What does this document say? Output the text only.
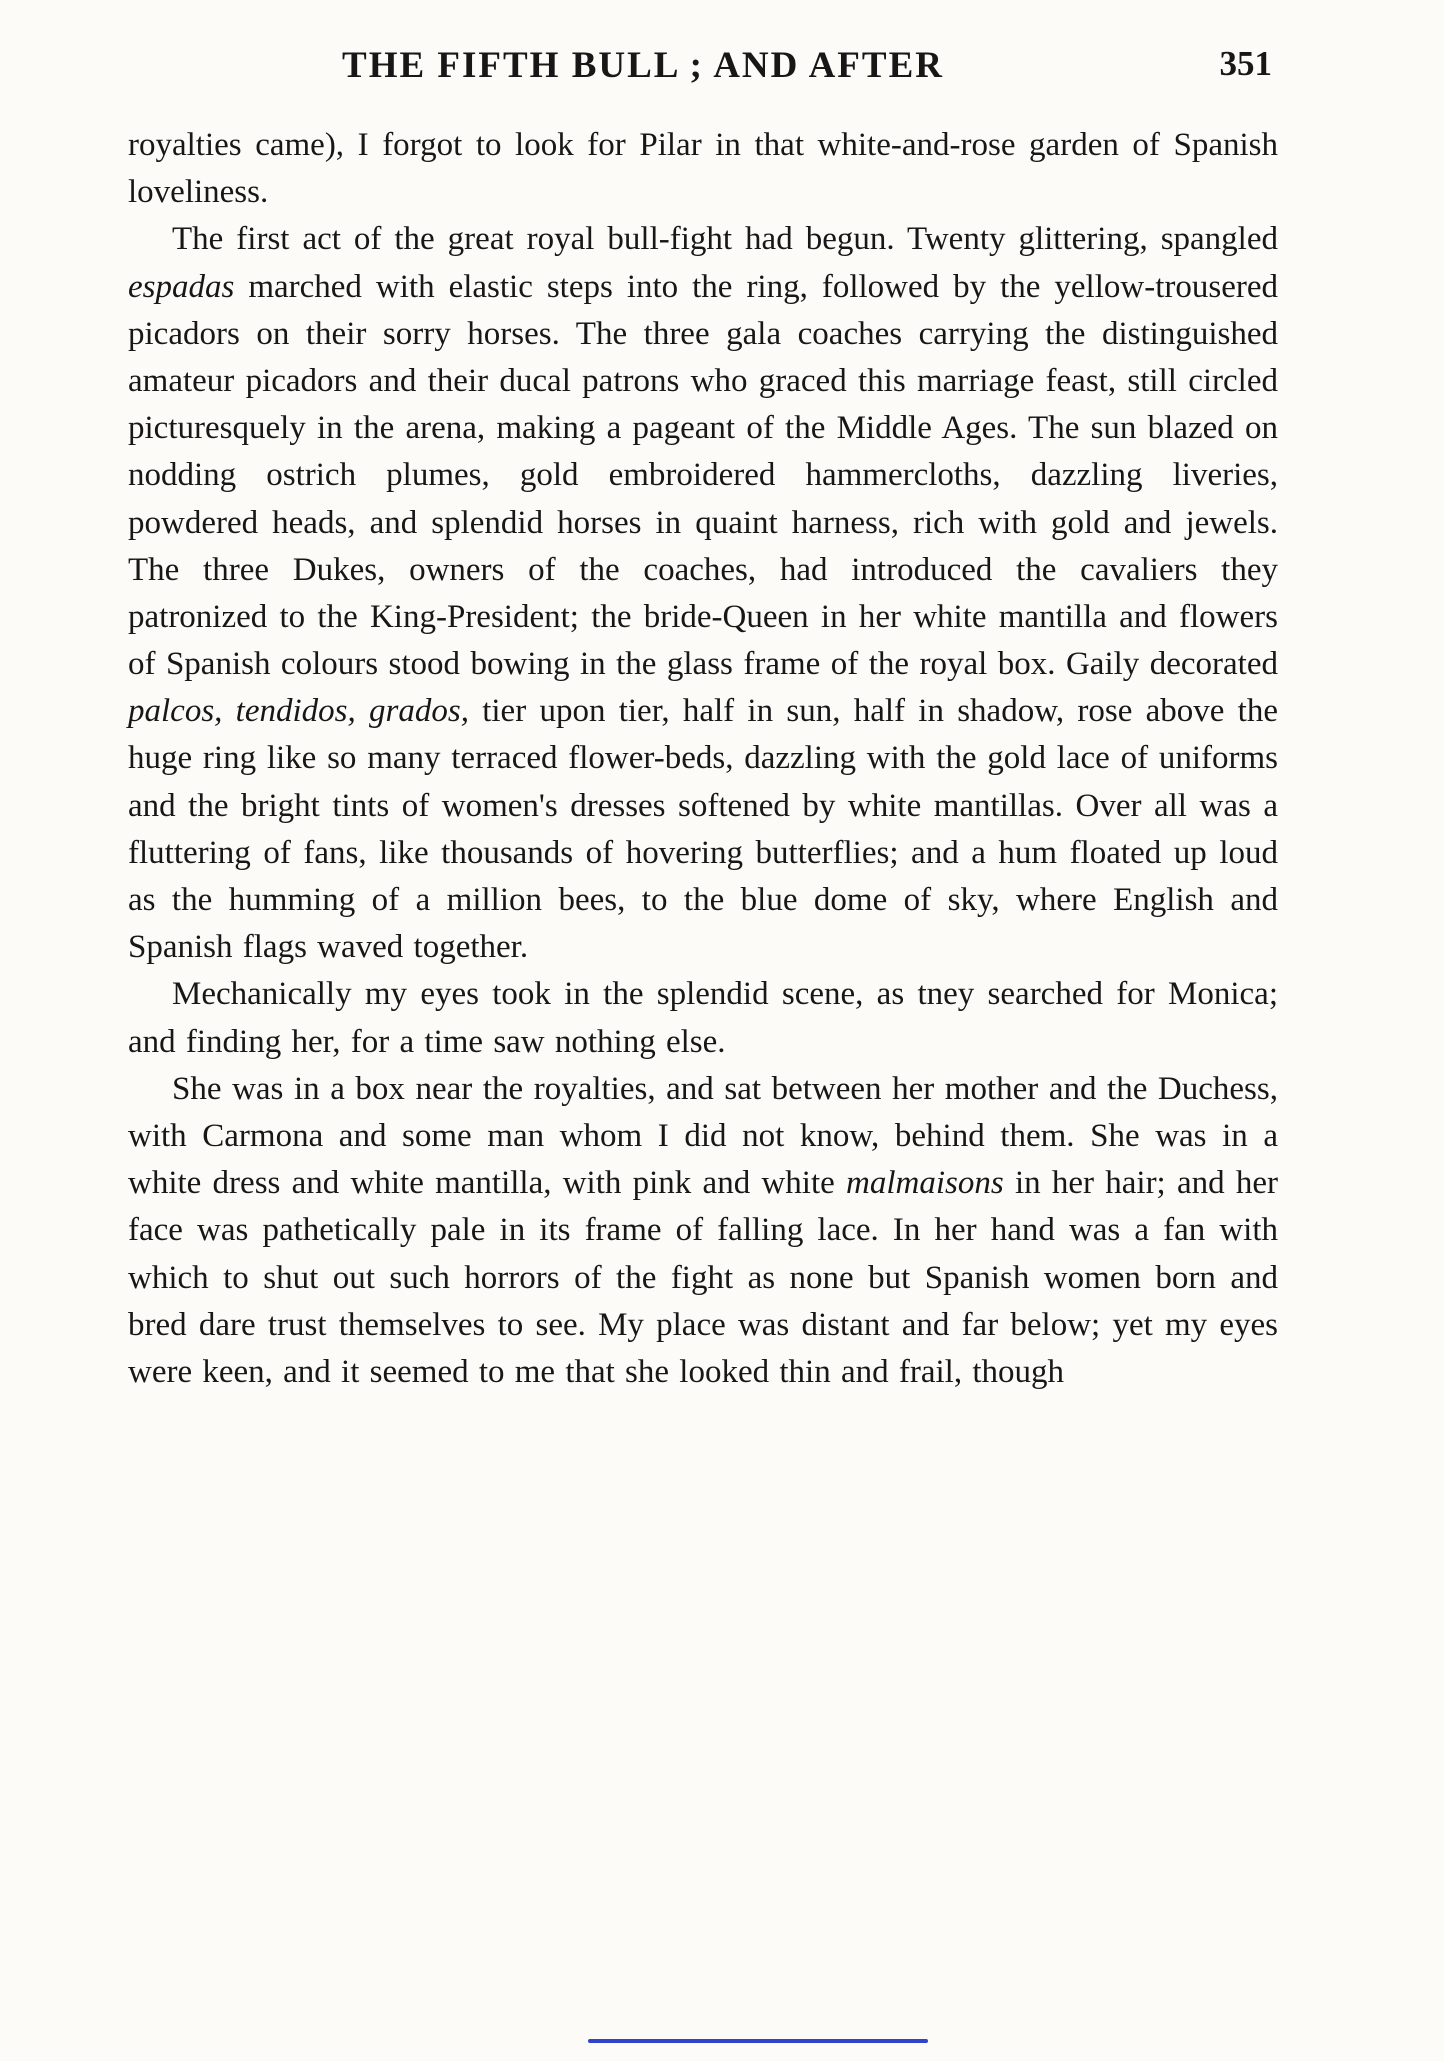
THE FIFTH BULL ; AND AFTER	351

royalties came), I forgot to look for Pilar in that white-and-rose garden of Spanish loveliness.

The first act of the great royal bull-fight had begun. Twenty glittering, spangled espadas marched with elastic steps into the ring, followed by the yellow-trousered picadors on their sorry horses. The three gala coaches carrying the distinguished amateur picadors and their ducal patrons who graced this marriage feast, still circled picturesquely in the arena, making a pageant of the Middle Ages. The sun blazed on nodding ostrich plumes, gold embroidered hammercloths, dazzling liveries, powdered heads, and splendid horses in quaint harness, rich with gold and jewels. The three Dukes, owners of the coaches, had introduced the cavaliers they patronized to the King-President; the bride-Queen in her white mantilla and flowers of Spanish colours stood bowing in the glass frame of the royal box. Gaily decorated palcos, tendidos, grados, tier upon tier, half in sun, half in shadow, rose above the huge ring like so many terraced flower-beds, dazzling with the gold lace of uniforms and the bright tints of women's dresses softened by white mantillas. Over all was a fluttering of fans, like thousands of hovering butterflies; and a hum floated up loud as the humming of a million bees, to the blue dome of sky, where English and Spanish flags waved together.

Mechanically my eyes took in the splendid scene, as tney searched for Monica; and finding her, for a time saw nothing else.

She was in a box near the royalties, and sat between her mother and the Duchess, with Carmona and some man whom I did not know, behind them. She was in a white dress and white mantilla, with pink and white malmaisons in her hair; and her face was pathetically pale in its frame of falling lace. In her hand was a fan with which to shut out such horrors of the fight as none but Spanish women born and bred dare trust themselves to see. My place was distant and far below; yet my eyes were keen, and it seemed to me that she looked thin and frail, though
